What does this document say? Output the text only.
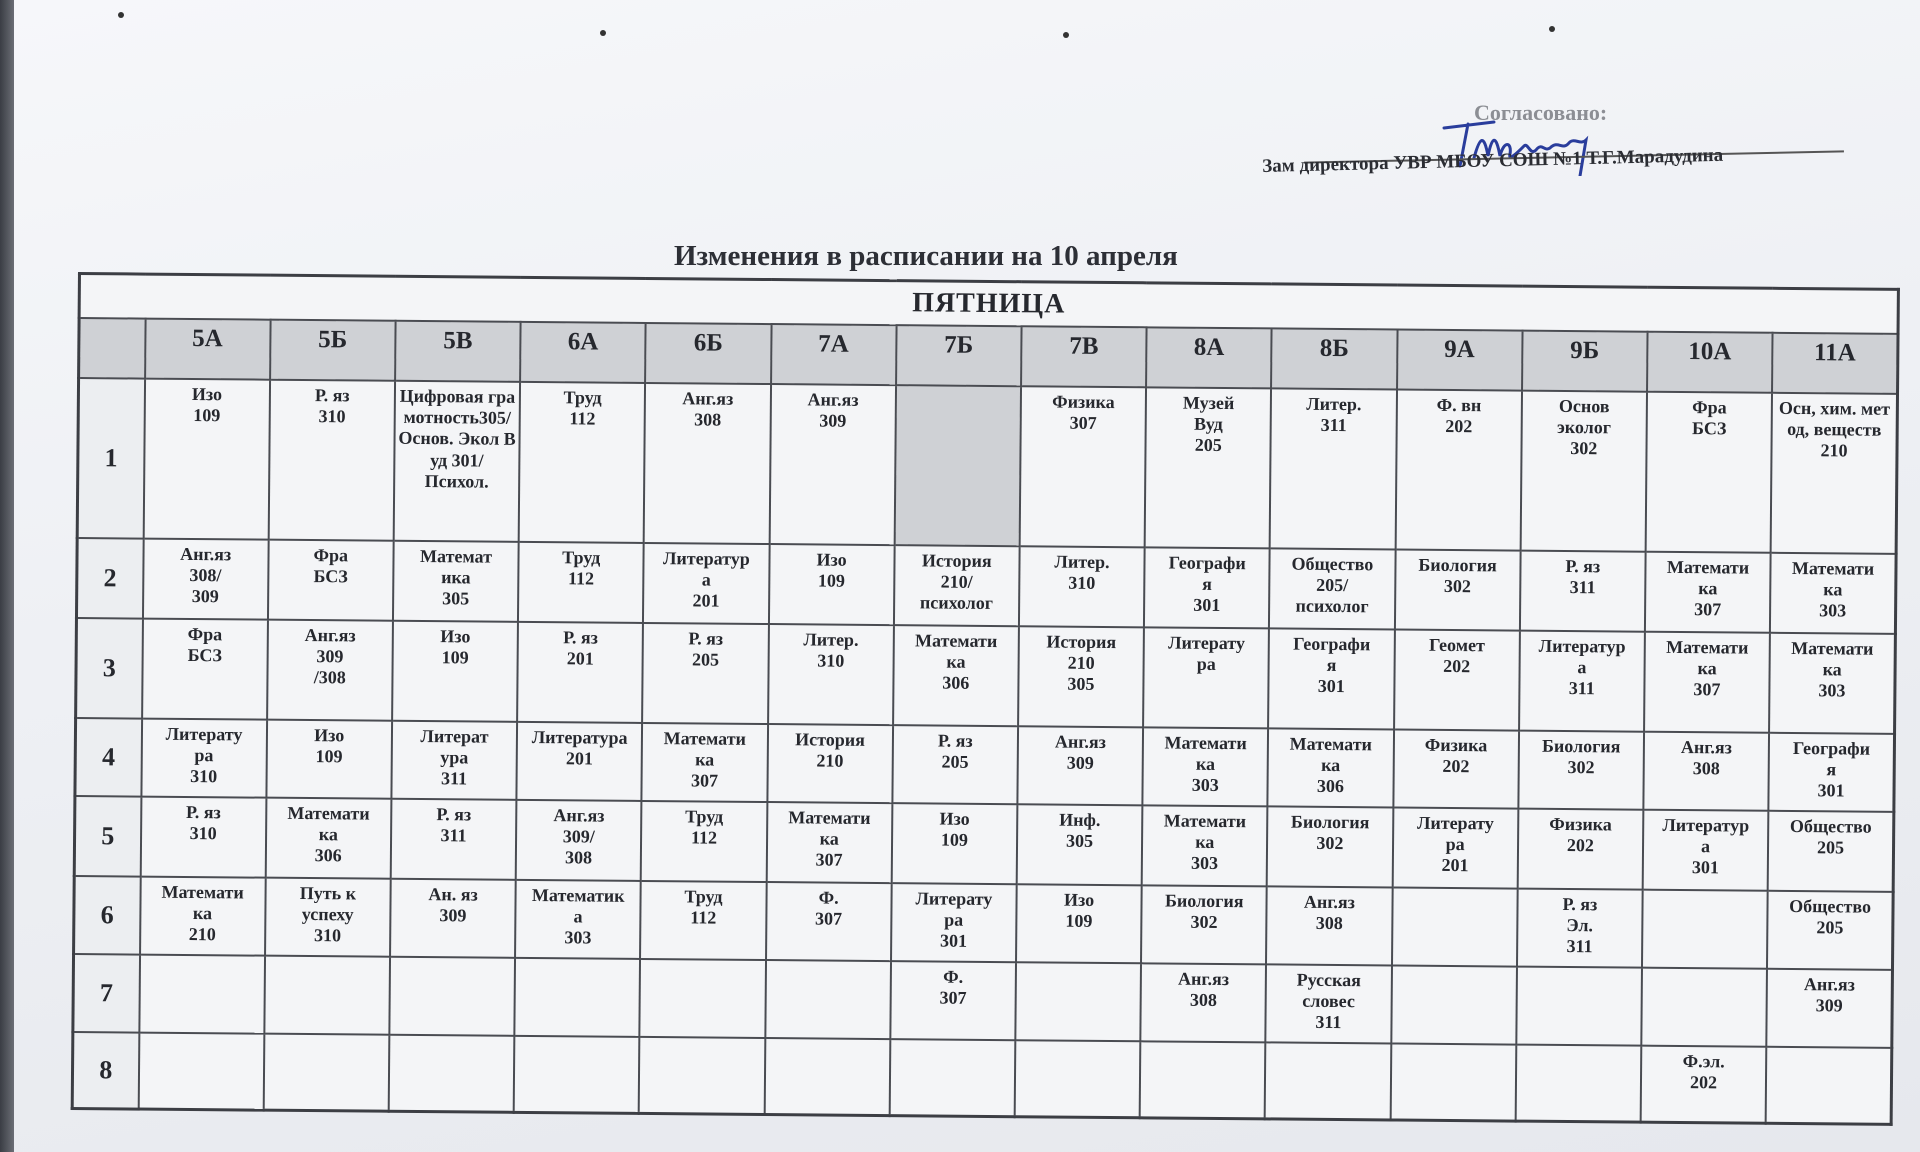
Согласовано:
Зам директора УВР МБОУ СОШ №1 Т.Г.Марадудина
Изменения в расписании на 10 апреля
ПЯТНИЦА														
	5А	5Б	5В	6А	6Б	7А	7Б	7В	8А	8Б	9А	9Б	10А	11А
1	Изо
109	Р. яз
310	Цифровая грамотность305/
Основ. Экол Вуд 301/
Психол.	Труд
112	Анг.яз
308	Анг.яз
309		Физика
307	Музей
Вуд
205	Литер.
311	Ф. вн
202	Основ
эколог
302	Фра
БСЗ	Осн, хим. метод, веществ
210
2	Анг.яз
308/
309	Фра
БСЗ	Математ
ика
305	Труд
112	Литератур
а
201	Изо
109	История
210/
психолог	Литер.
310	Географи
я
301	Общество
205/
психолог	Биология
302	Р. яз
311	Математи
ка
307	Математи
ка
303
3	Фра
БСЗ	Анг.яз
309
/308	Изо
109	Р. яз
201	Р. яз
205	Литер.
310	Математи
ка
306	История
210
305	Литерату
ра	Географи
я
301	Геомет
202	Литератур
а
311	Математи
ка
307	Математи
ка
303
4	Литерату
ра
310	Изо
109	Литерат
ура
311	Литература
201	Математи
ка
307	История
210	Р. яз
205	Анг.яз
309	Математи
ка
303	Математи
ка
306	Физика
202	Биология
302	Анг.яз
308	Географи
я
301
5	Р. яз
310	Математи
ка
306	Р. яз
311	Анг.яз
309/
308	Труд
112	Математи
ка
307	Изо
109	Инф.
305	Математи
ка
303	Биология
302	Литерату
ра
201	Физика
202	Литератур
а
301	Общество
205
6	Математи
ка
210	Путь к
успеху
310	Ан. яз
309	Математик
а
303	Труд
112	Ф.
307	Литерату
ра
301	Изо
109	Биология
302	Анг.яз
308		Р. яз
Эл.
311		Общество
205
7							Ф.
307		Анг.яз
308	Русская
словес
311				Анг.яз
309
8													Ф.эл.
202	
